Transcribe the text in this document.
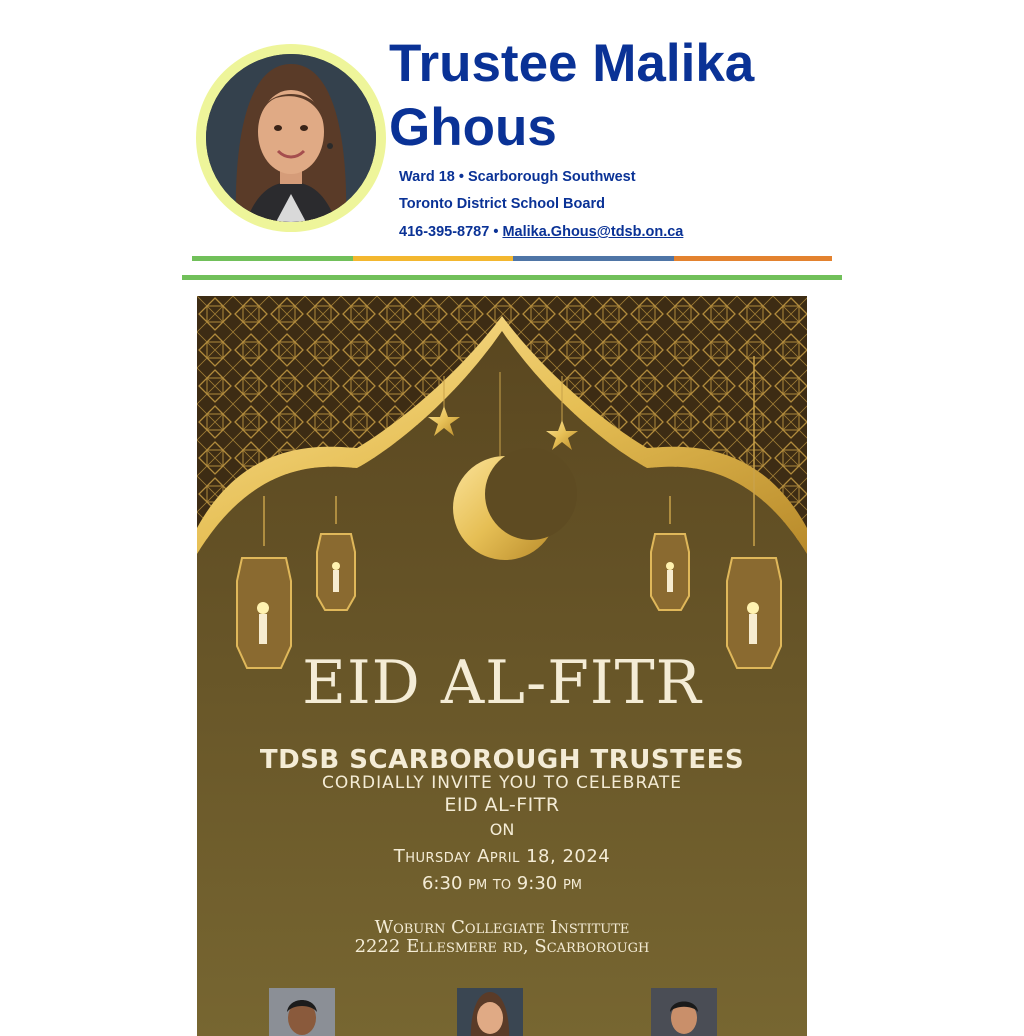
Trustee Malika Ghous
Ward 18 • Scarborough Southwest
Toronto District School Board
416-395-8787 • Malika.Ghous@tdsb.on.ca
EID AL-FITR
TDSB SCARBOROUGH TRUSTEES
CORDIALLY INVITE YOU TO CELEBRATE
EID AL-FITR
ON
Thursday April 18, 2024
6:30 pm to 9:30 pm
Woburn Collegiate Institute
2222 Ellesmere rd, Scarborough
